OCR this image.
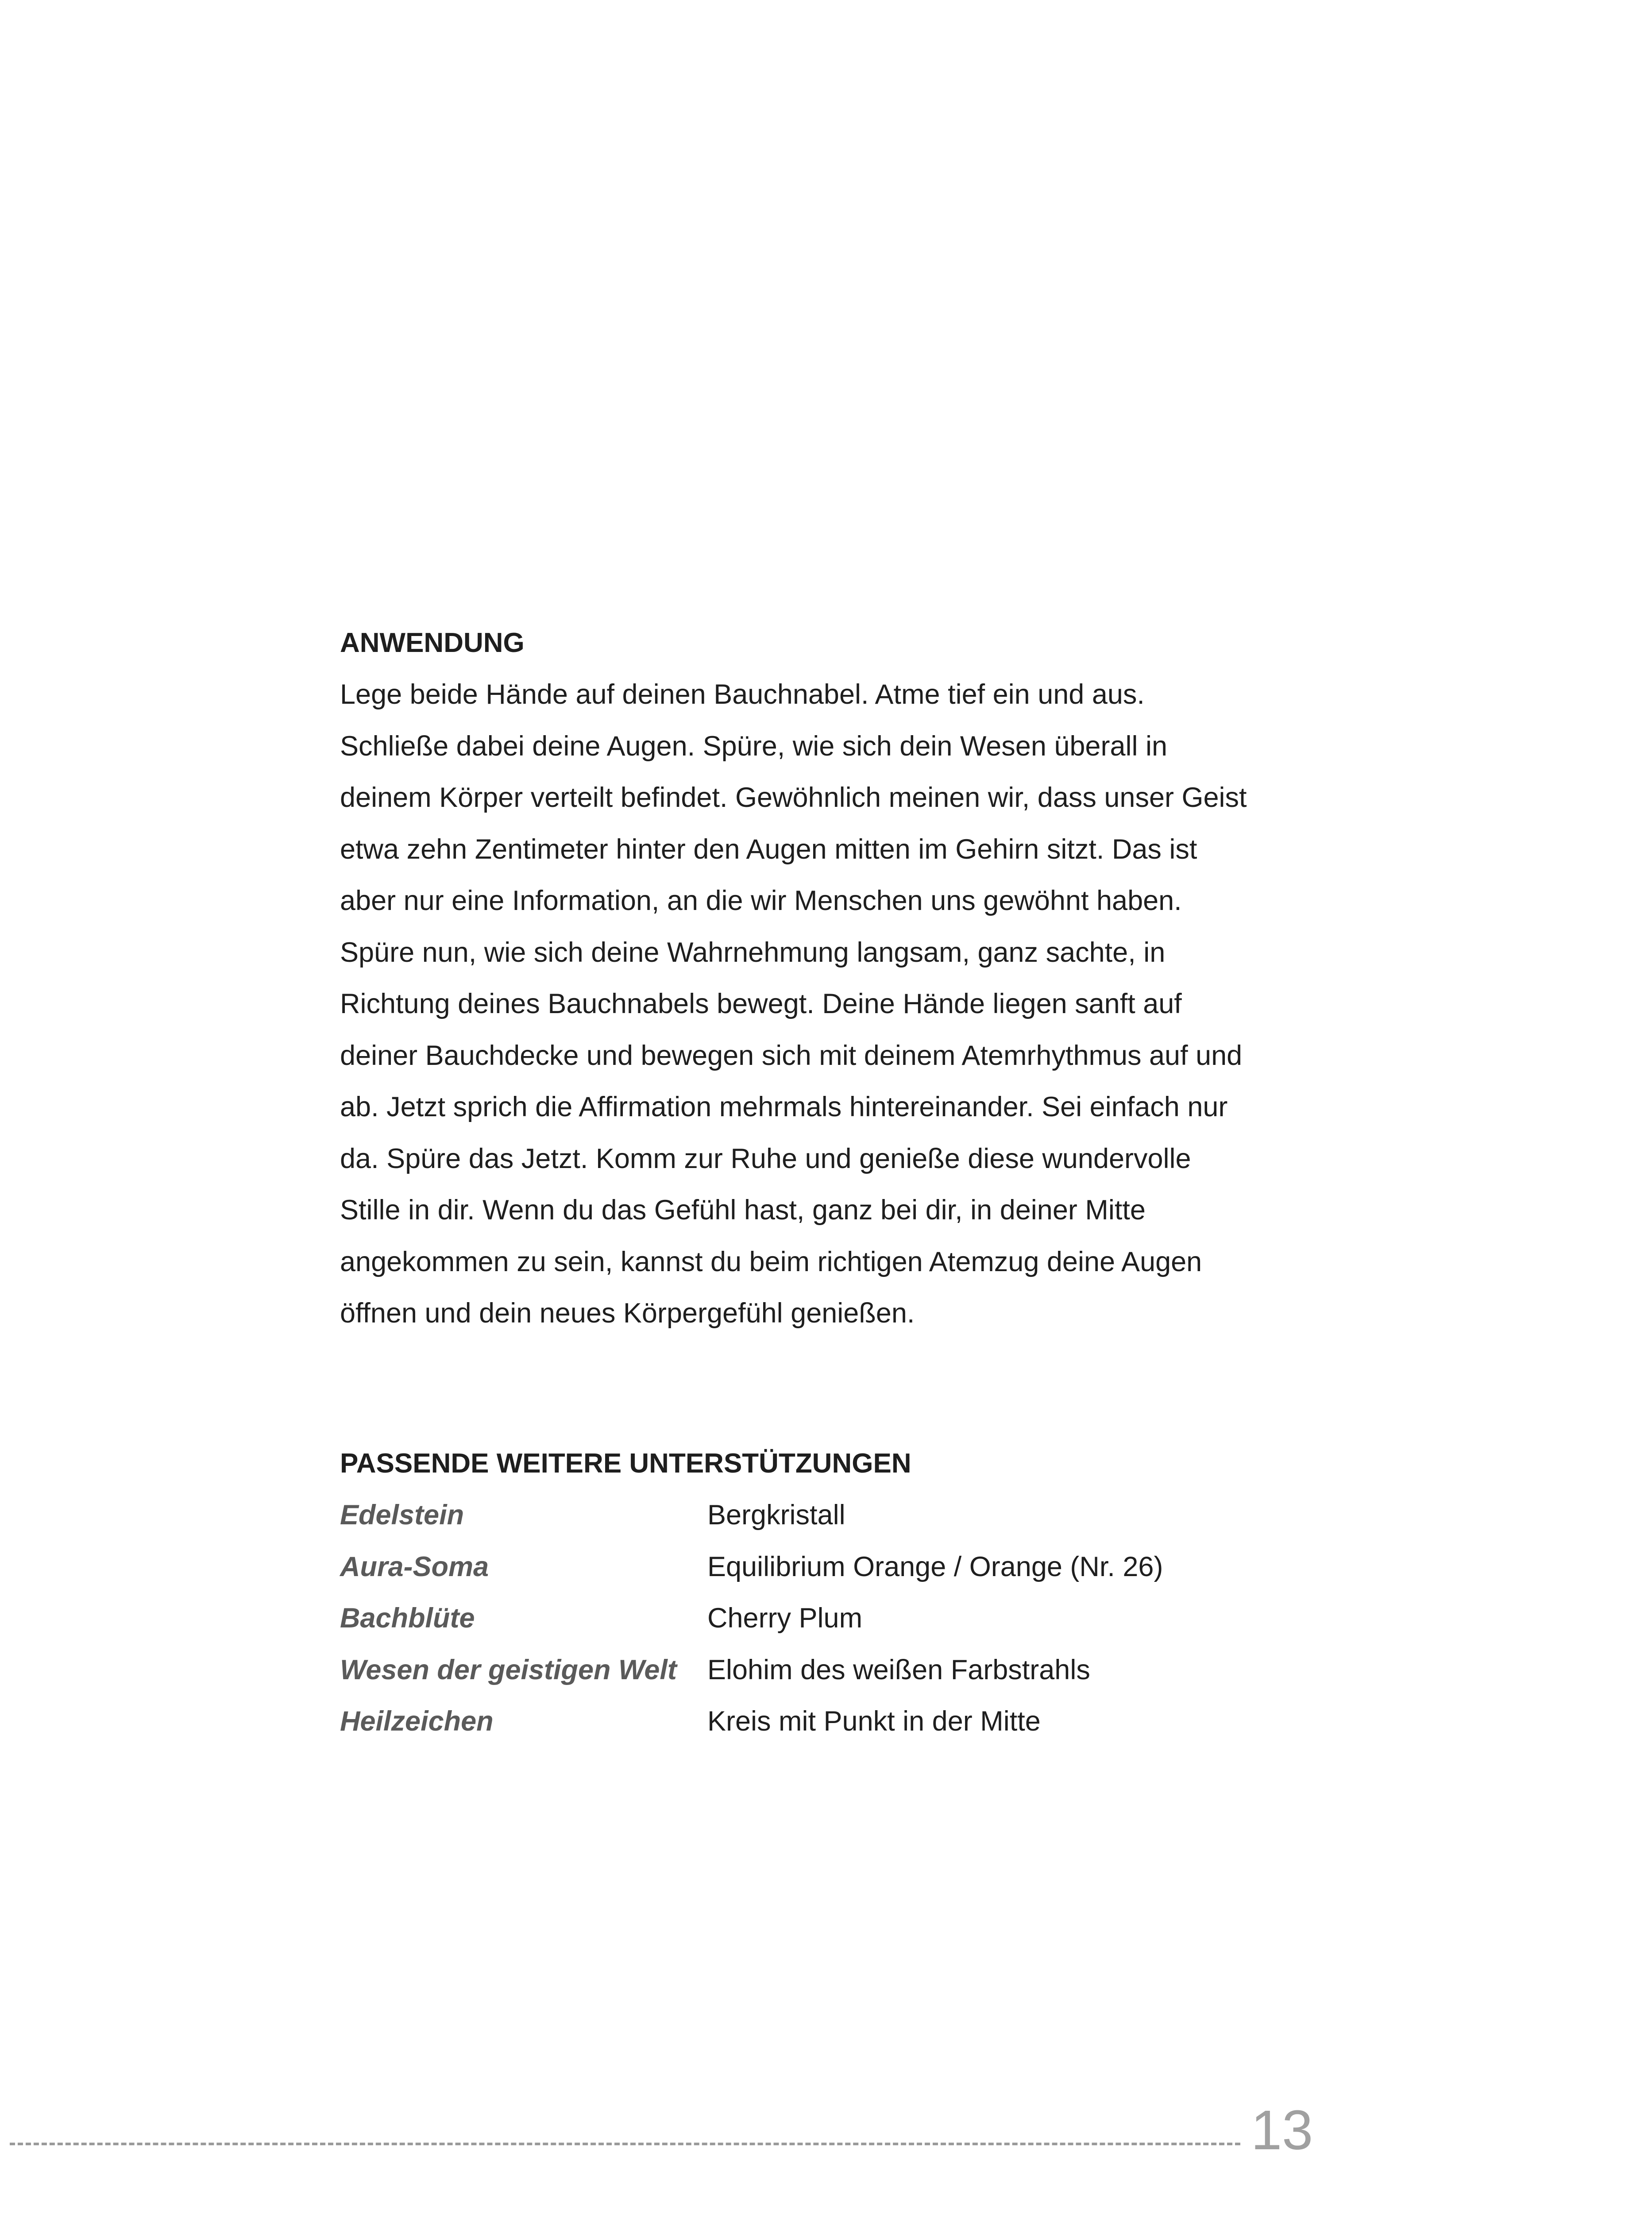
ANWENDUNG

Lege beide Hände auf deinen Bauchnabel. Atme tief ein und aus.
Schließe dabei deine Augen. Spüre, wie sich dein Wesen überall in
deinem Körper verteilt befindet. Gewöhnlich meinen wir, dass unser Geist
etwa zehn Zentimeter hinter den Augen mitten im Gehirn sitzt. Das ist
aber nur eine Information, an die wir Menschen uns gewöhnt haben.
Spüre nun, wie sich deine Wahrnehmung langsam, ganz sachte, in
Richtung deines Bauchnabels bewegt. Deine Hände liegen sanft auf
deiner Bauchdecke und bewegen sich mit deinem Atemrhythmus auf und
ab. Jetzt sprich die Affirmation mehrmals hintereinander. Sei einfach nur
da. Spüre das Jetzt. Komm zur Ruhe und genieße diese wundervolle
Stille in dir. Wenn du das Gefühl hast, ganz bei dir, in deiner Mitte
angekommen zu sein, kannst du beim richtigen Atemzug deine Augen
öffnen und dein neues Körpergefühl genießen.

PASSENDE WEITERE UNTERSTÜTZUNGEN
Edelstein	Bergkristall
Aura-Soma	Equilibrium Orange / Orange (Nr. 26)
Bachblüte	Cherry Plum
Wesen der geistigen Welt	Elohim des weißen Farbstrahls
Heilzeichen	Kreis mit Punkt in der Mitte
13
